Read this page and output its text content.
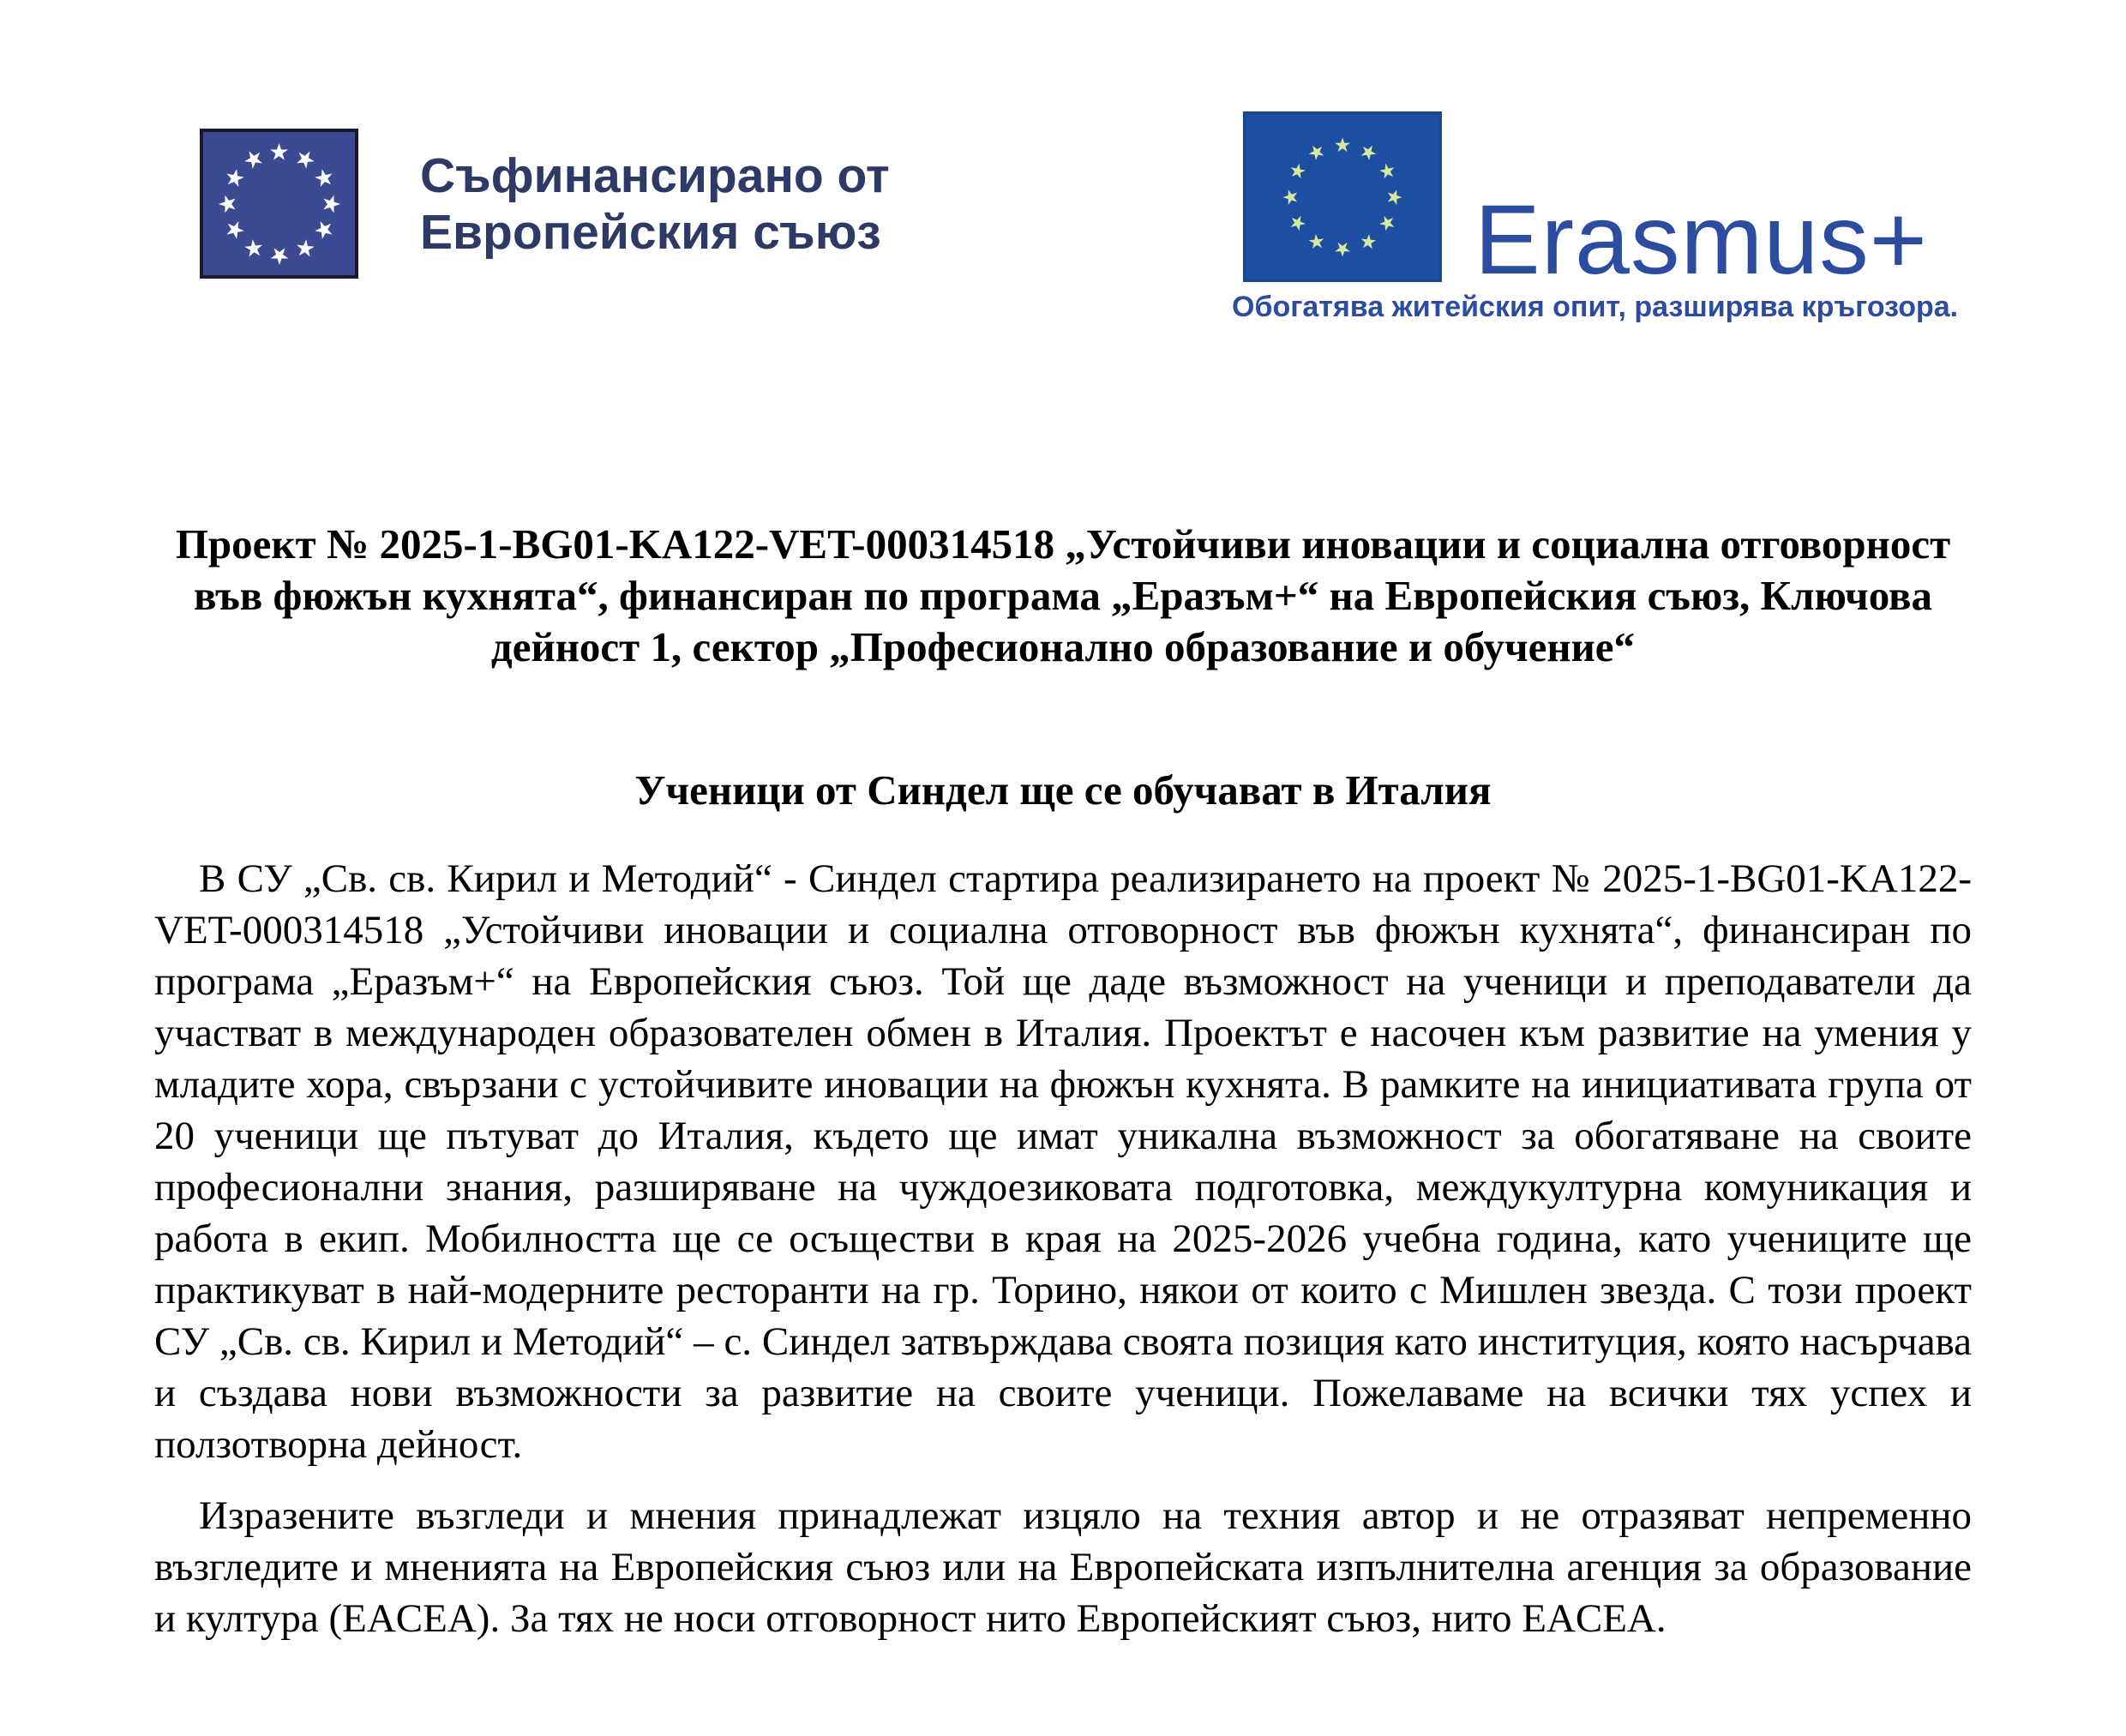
Съфинансирано от
Европейския съюз	Erasmus+
Обогатява житейския опит, разширява кръгозора.
Проект № 2025-1-BG01-KA122-VET-000314518 „Устойчиви иновации и социална отговорност във фюжън кухнята“, финансиран по програма „Еразъм+“ на Европейския съюз, Ключова дейност 1, сектор „Професионално образование и обучение“
Ученици от Синдел ще се обучават в Италия
В СУ „Св. св. Кирил и Методий“ - Синдел стартира реализирането на проект № 2025-1-BG01-KA122-VET-000314518 „Устойчиви иновации и социална отговорност във фюжън кухнята“, финансиран по програма „Еразъм+“ на Европейския съюз. Той ще даде възможност на ученици и преподаватели да участват в международен образователен обмен в Италия. Проектът е насочен към развитие на умения у младите хора, свързани с устойчивите иновации на фюжън кухнята. В рамките на инициативата група от 20 ученици ще пътуват до Италия, където ще имат уникална възможност за обогатяване на своите професионални знания, разширяване на чуждоезиковата подготовка, междукултурна комуникация и работа в екип. Мобилността ще се осъществи в края на 2025-2026 учебна година, като учениците ще практикуват в най-модерните ресторанти на гр. Торино, някои от които с Мишлен звезда. С този проект СУ „Св. св. Кирил и Методий“ – с. Синдел затвърждава своята позиция като институция, която насърчава и създава нови възможности за развитие на своите ученици. Пожелаваме на всички тях успех и ползотворна дейност.
Изразените възгледи и мнения принадлежат изцяло на техния автор и не отразяват непременно възгледите и мненията на Европейския съюз или на Европейската изпълнителна агенция за образование и култура (EACEA). За тях не носи отговорност нито Европейският съюз, нито EACEA.
